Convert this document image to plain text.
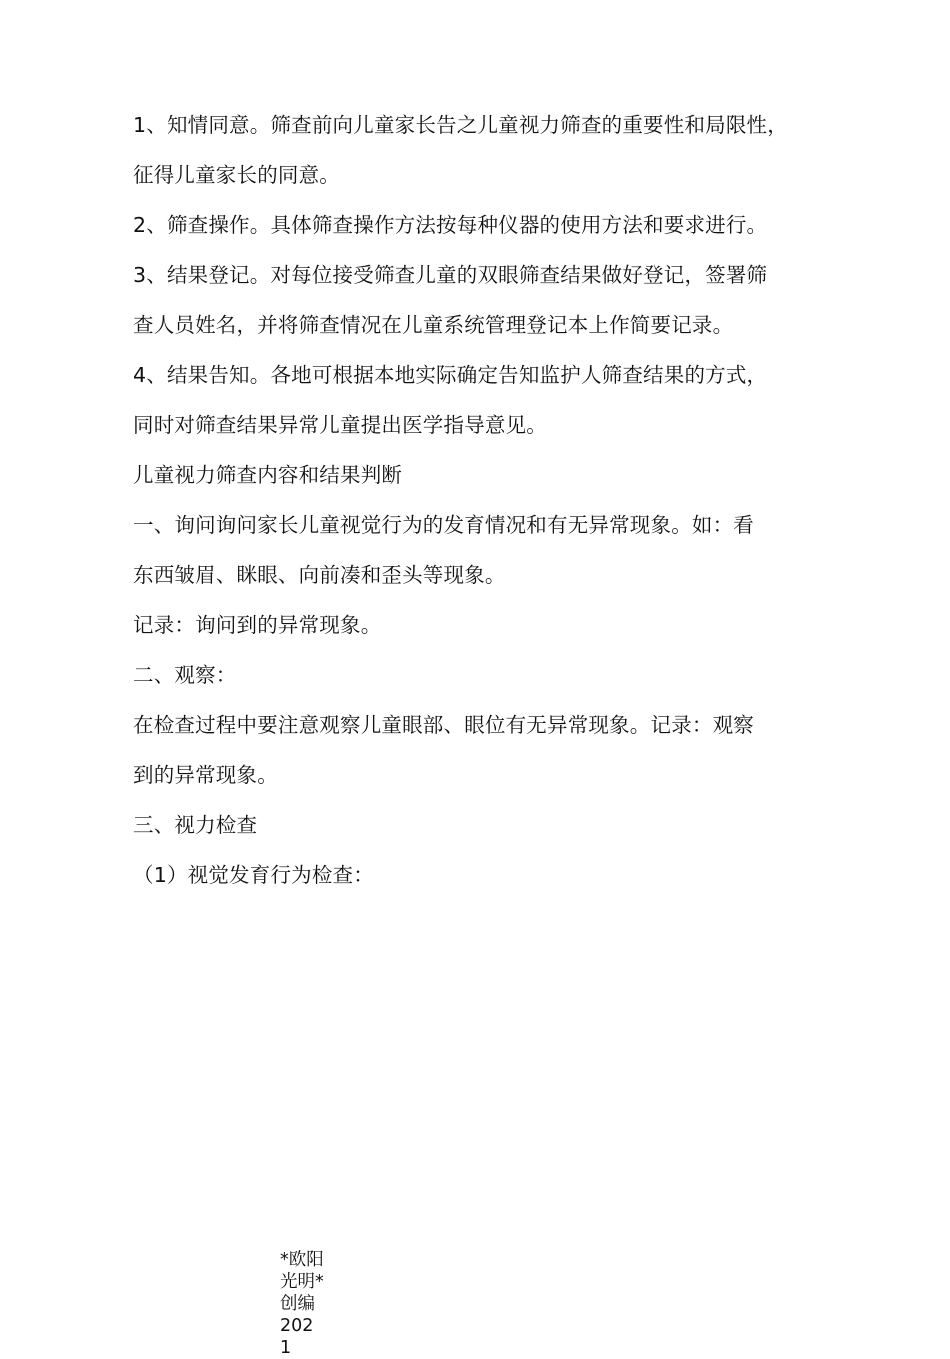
1、知情同意。筛查前向儿童家长告之儿童视力筛查的重要性和局限性，
征得儿童家长的同意。
2、筛查操作。具体筛查操作方法按每种仪器的使用方法和要求进行。
3、结果登记。对每位接受筛查儿童的双眼筛查结果做好登记，签署筛
查人员姓名，并将筛查情况在儿童系统管理登记本上作简要记录。
4、结果告知。各地可根据本地实际确定告知监护人筛查结果的方式，
同时对筛查结果异常儿童提出医学指导意见。
儿童视力筛查内容和结果判断
一、询问询问家长儿童视觉行为的发育情况和有无异常现象。如：看
东西皱眉、眯眼、向前凑和歪头等现象。
记录：询问到的异常现象。
二、观察：
在检查过程中要注意观察儿童眼部、眼位有无异常现象。记录：观察
到的异常现象。
三、视力检查
（1）视觉发育行为检查：
*欧阳光明*创编2021
